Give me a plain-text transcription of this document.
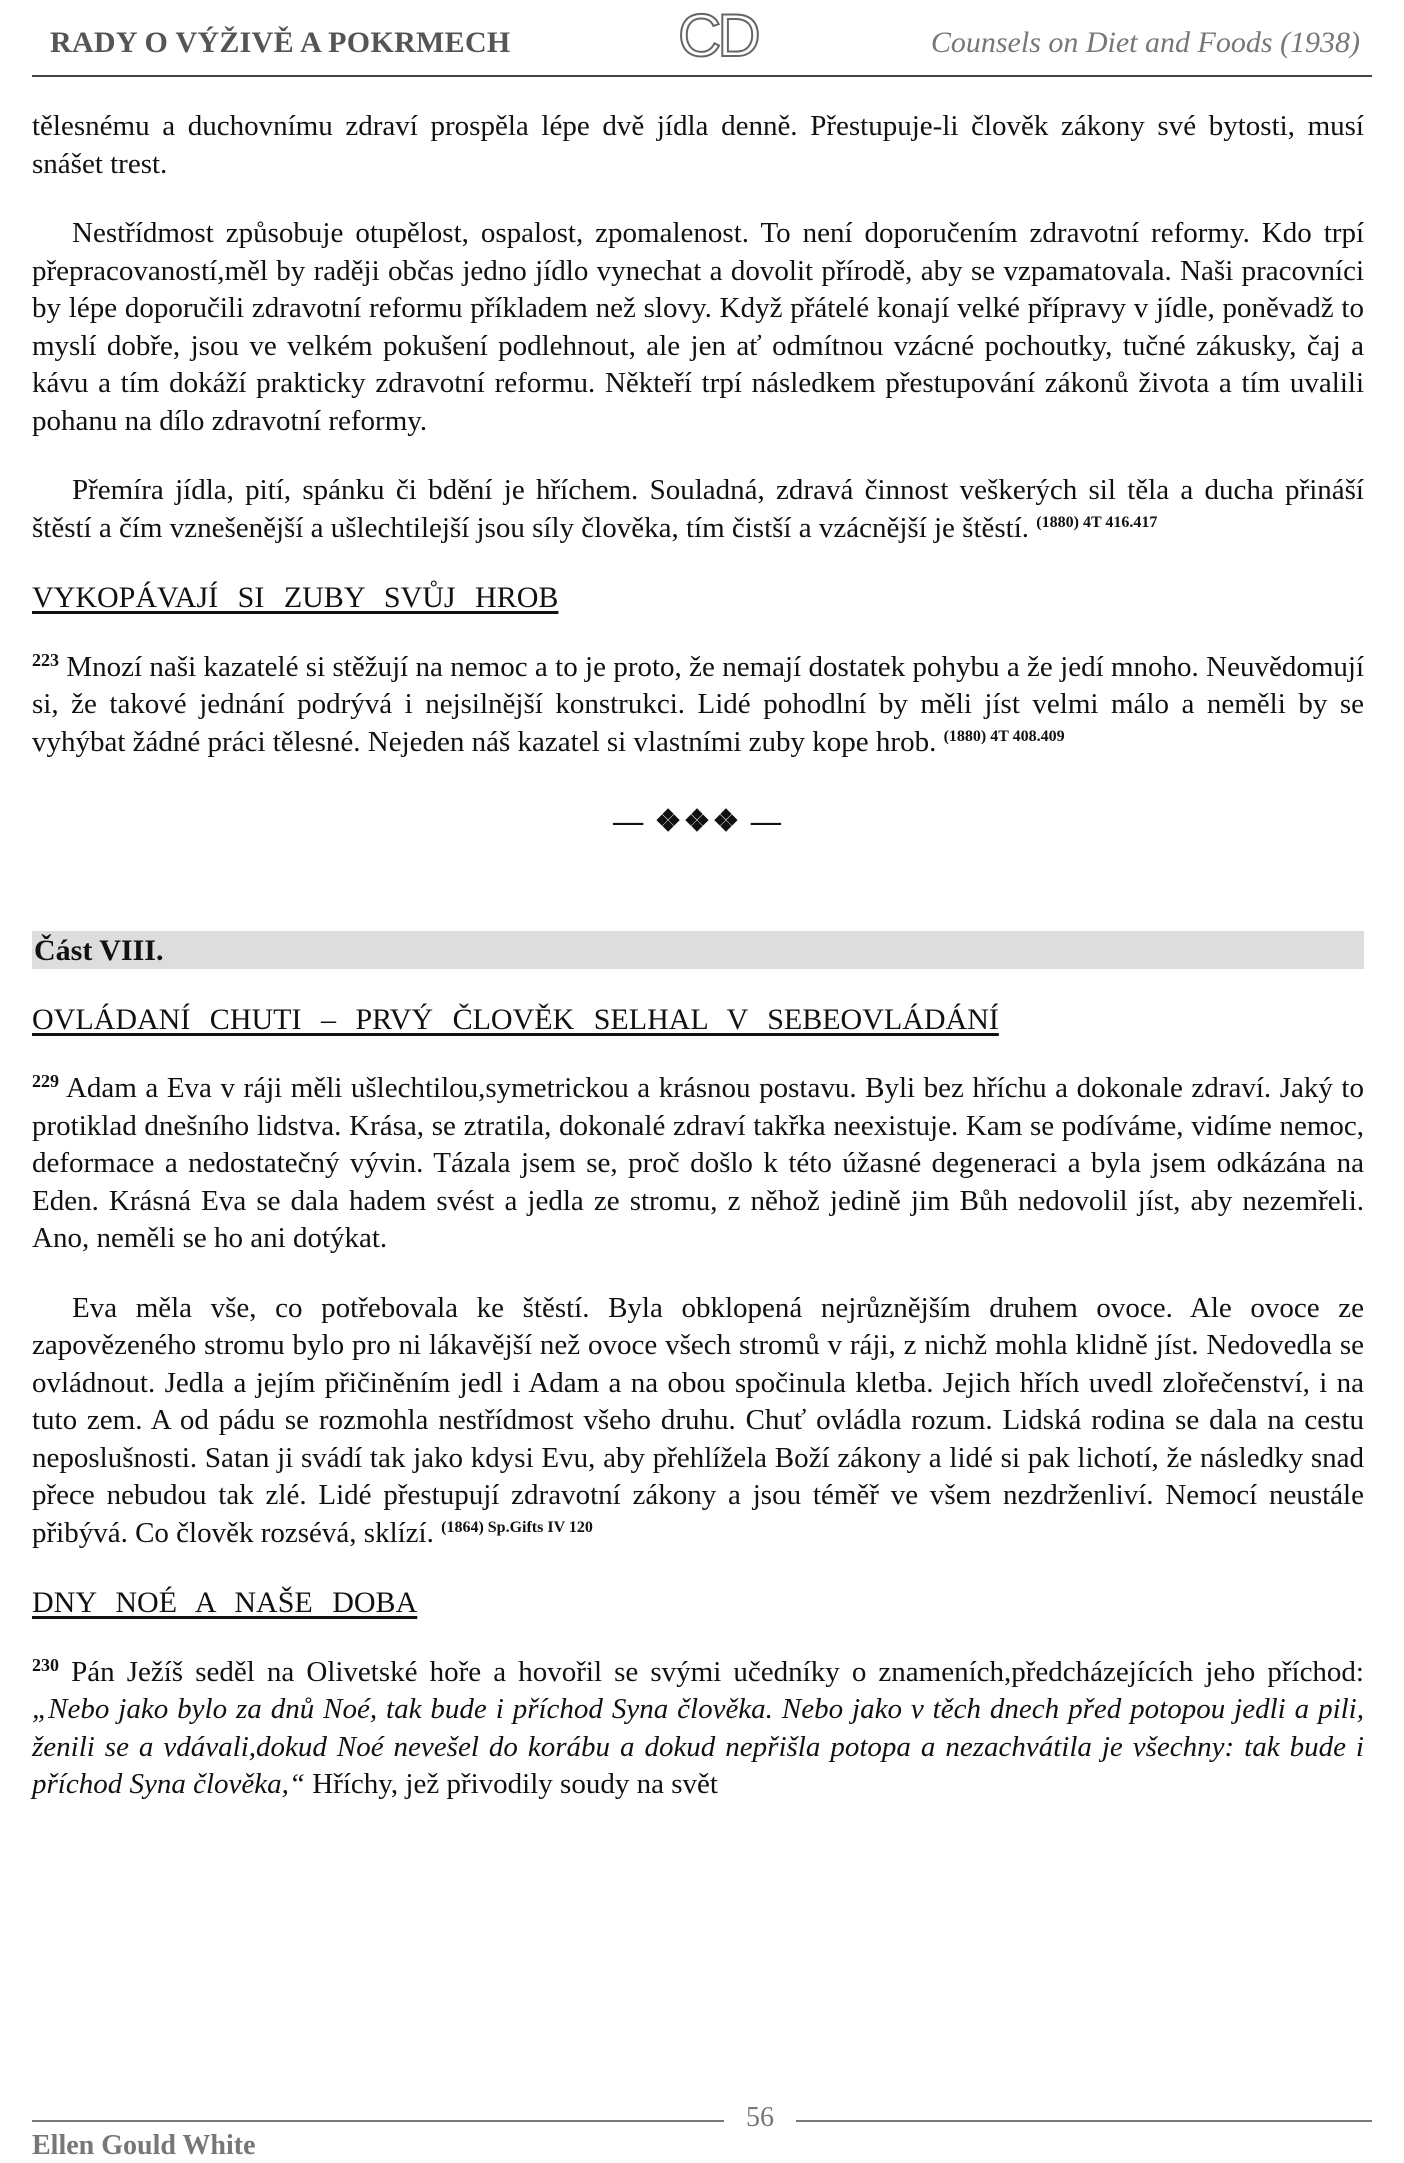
RADY O VÝŽIVĚ A POKRMECH	CD	Counsels on Diet and Foods (1938)

tělesnému a duchovnímu zdraví prospěla lépe dvě jídla denně. Přestupuje-li člověk zákony své bytosti, musí snášet trest.

Nestřídmost způsobuje otupělost, ospalost, zpomalenost. To není doporučením zdravotní reformy. Kdo trpí přepracovaností,měl by raději občas jedno jídlo vynechat a dovolit přírodě, aby se vzpamatovala. Naši pracovníci by lépe doporučili zdravotní reformu příkladem než slovy. Když přátelé konají velké přípravy v jídle, poněvadž to myslí dobře, jsou ve velkém pokušení podlehnout, ale jen ať odmítnou vzácné pochoutky, tučné zákusky, čaj a kávu a tím dokáží prakticky zdravotní reformu. Někteří trpí následkem přestupování zákonů života a tím uvalili pohanu na dílo zdravotní reformy.

Přemíra jídla, pití, spánku či bdění je hříchem. Souladná, zdravá činnost veškerých sil těla a ducha přináší štěstí a čím vznešenější a ušlechtilejší jsou síly člověka, tím čistší a vzácnější je štěstí. $^{(1880) 4T 416.417}$

VYKOPÁVAJÍ SI ZUBY SVŮJ HROB

$^{223}$ Mnozí naši kazatelé si stěžují na nemoc a to je proto, že nemají dostatek pohybu a že jedí mnoho. Neuvědomují si, že takové jednání podrývá i nejsilnější konstrukci. Lidé pohodlní by měli jíst velmi málo a neměli by se vyhýbat žádné práci tělesné. Nejeden náš kazatel si vlastními zuby kope hrob. $^{(1880) 4T 408.409}$

— ❖❖❖ —

Část VIII.

OVLÁDANÍ CHUTI – PRVÝ ČLOVĚK SELHAL V SEBEOVLÁDÁNÍ

$^{229}$ Adam a Eva v ráji měli ušlechtilou,symetrickou a krásnou postavu. Byli bez hříchu a dokonale zdraví. Jaký to protiklad dnešního lidstva. Krása, se ztratila, dokonalé zdraví takřka neexistuje. Kam se podíváme, vidíme nemoc, deformace a nedostatečný vývin. Tázala jsem se, proč došlo k této úžasné degeneraci a byla jsem odkázána na Eden. Krásná Eva se dala hadem svést a jedla ze stromu, z něhož jedině jim Bůh nedovolil jíst, aby nezemřeli. Ano, neměli se ho ani dotýkat.

Eva měla vše, co potřebovala ke štěstí. Byla obklopená nejrůznějším druhem ovoce. Ale ovoce ze zapovězeného stromu bylo pro ni lákavější než ovoce všech stromů v ráji, z nichž mohla klidně jíst. Nedovedla se ovládnout. Jedla a jejím přičiněním jedl i Adam a na obou spočinula kletba. Jejich hřích uvedl zlořečenství, i na tuto zem. A od pádu se rozmohla nestřídmost všeho druhu. Chuť ovládla rozum. Lidská rodina se dala na cestu neposlušnosti. Satan ji svádí tak jako kdysi Evu, aby přehlížela Boží zákony a lidé si pak lichotí, že následky snad přece nebudou tak zlé. Lidé přestupují zdravotní zákony a jsou téměř ve všem nezdrženliví. Nemocí neustále přibývá. Co člověk rozsévá, sklízí. $^{(1864) Sp.Gifts IV 120}$

DNY NOÉ A NAŠE DOBA

$^{230}$ Pán Ježíš seděl na Olivetské hoře a hovořil se svými učedníky o znameních,předcházejících jeho příchod: „Nebo jako bylo za dnů Noé, tak bude i příchod Syna člověka. Nebo jako v těch dnech před potopou jedli a pili, ženili se a vdávali,dokud Noé nevešel do korábu a dokud nepřišla potopa a nezachvátila je všechny: tak bude i příchod Syna člověka,“ Hříchy, jež přivodily soudy na svět

56
Ellen Gould White
